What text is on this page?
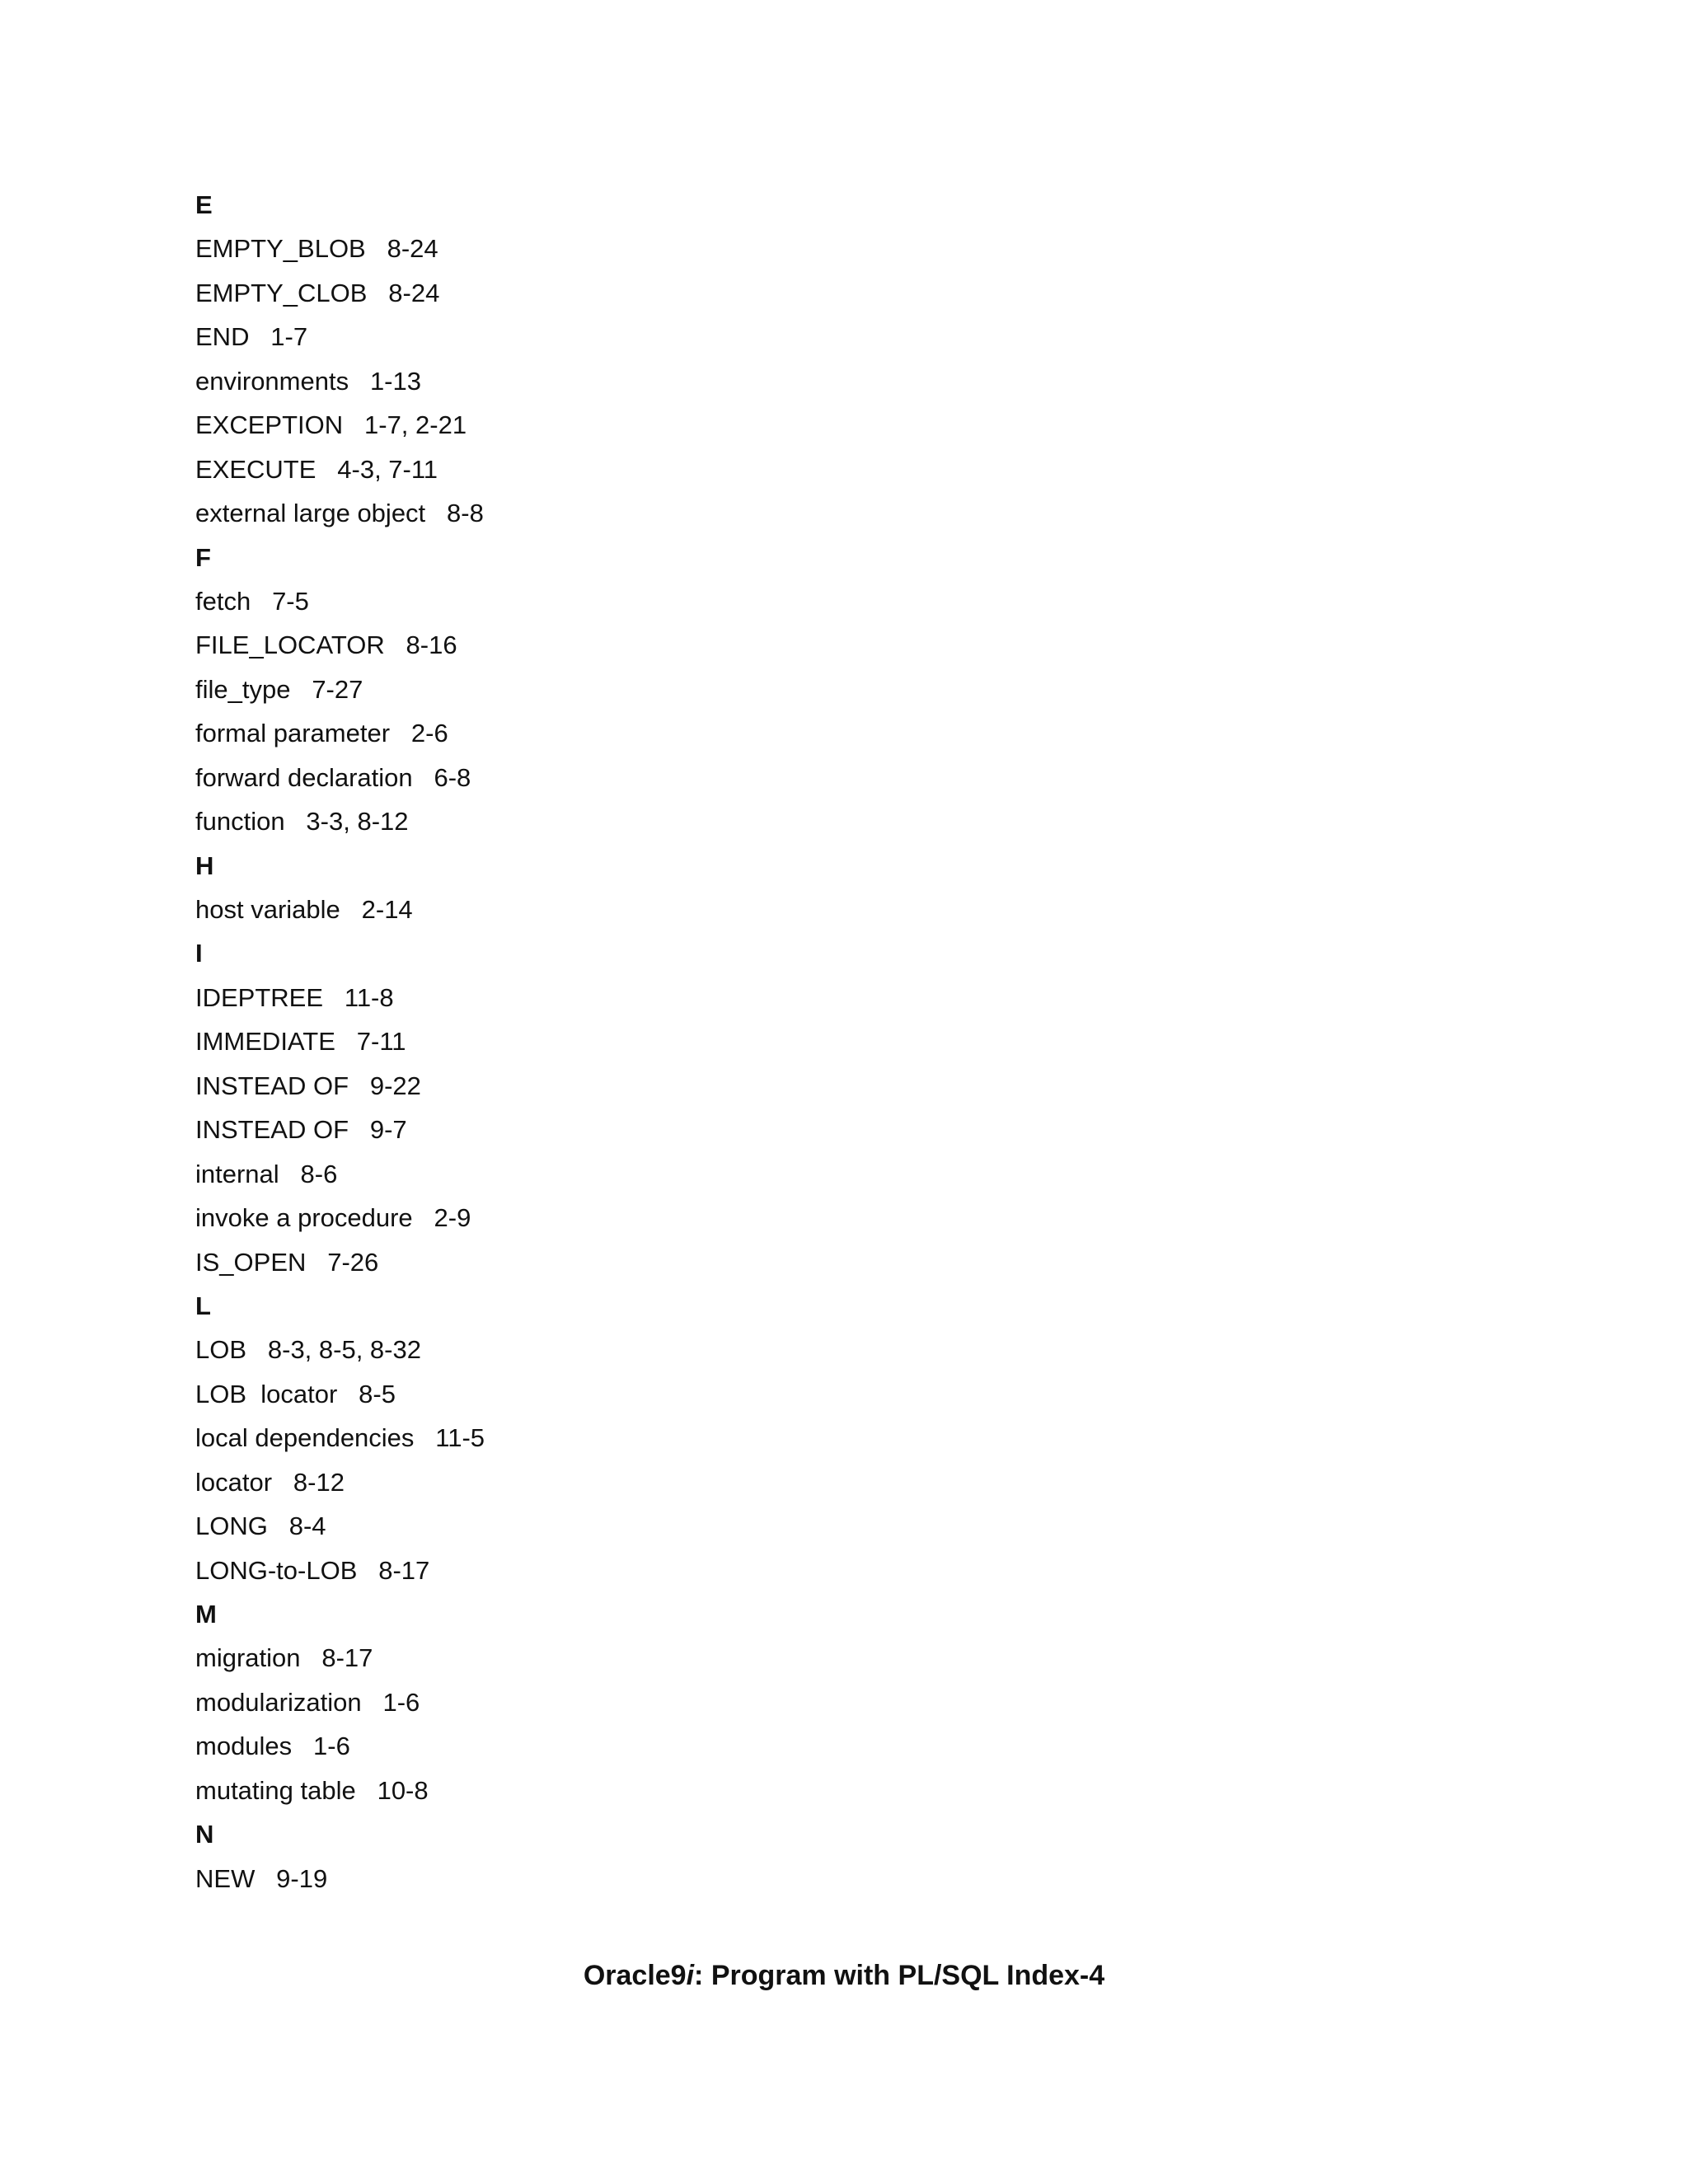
E
EMPTY_BLOB 8-24
EMPTY_CLOB 8-24
END 1-7
environments 1-13
EXCEPTION 1-7, 2-21
EXECUTE 4-3, 7-11
external large object 8-8
F
fetch 7-5
FILE_LOCATOR 8-16
file_type 7-27
formal parameter 2-6
forward declaration 6-8
function 3-3, 8-12
H
host variable 2-14
I
IDEPTREE 11-8
IMMEDIATE 7-11
INSTEAD OF 9-22
INSTEAD OF 9-7
internal 8-6
invoke a procedure 2-9
IS_OPEN 7-26
L
LOB 8-3, 8-5, 8-32
LOB  locator 8-5
local dependencies 11-5
locator 8-12
LONG 8-4
LONG-to-LOB 8-17
M
migration 8-17
modularization 1-6
modules 1-6
mutating table 10-8
N
NEW 9-19
Oracle9i: Program with PL/SQL Index-4
